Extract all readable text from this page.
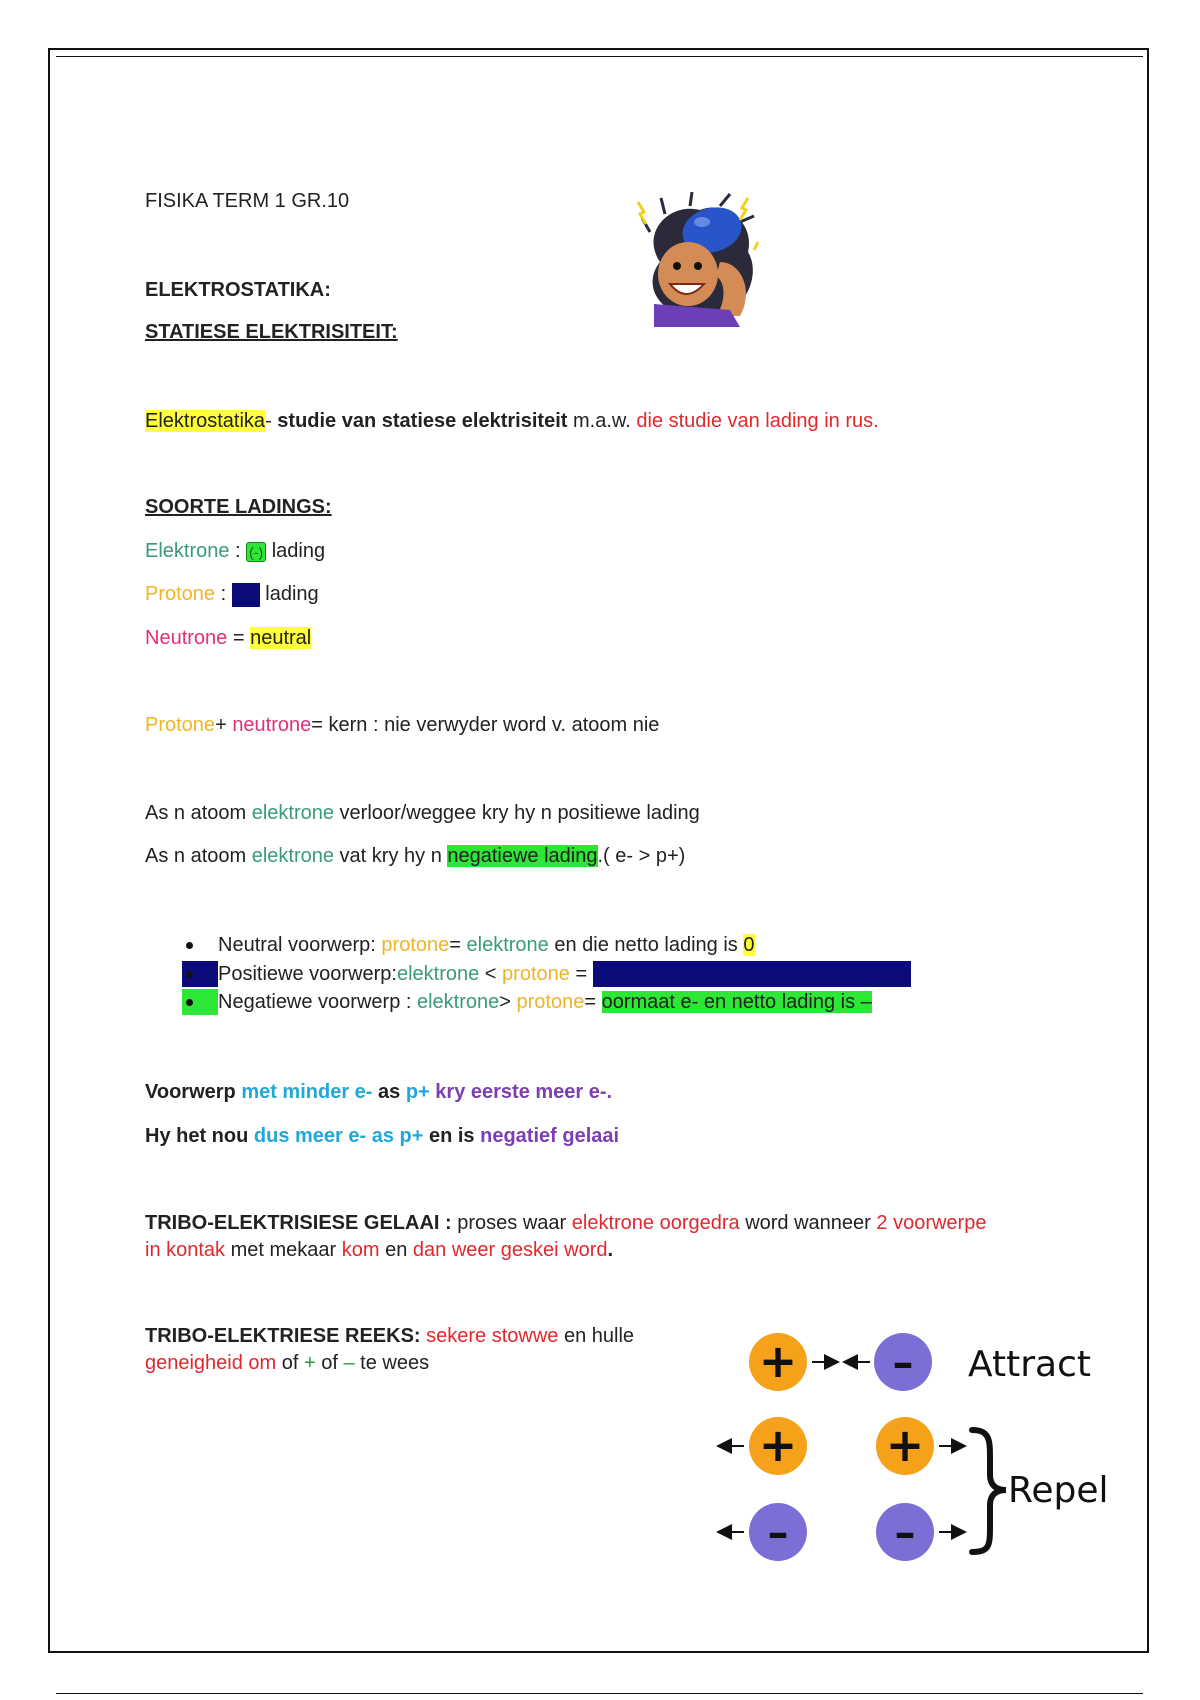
FISIKA TERM 1 GR.10
ELEKTROSTATIKA:
STATIESE ELEKTRISITEIT:
Elektrostatika- studie van statiese elektrisiteit m.a.w. die studie van lading in rus.
SOORTE LADINGS:
Elektrone : (-) lading
Protone :  lading
Neutrone = neutral
Protone+ neutrone= kern : nie verwyder word v. atoom nie
As n atoom elektrone verloor/weggee kry hy n positiewe lading
As n atoom elektrone vat kry hy n negatiewe lading.( e- > p+)
Neutral voorwerp: protone= elektrone en die netto lading is 0
Positiewe voorwerp:elektrone < protone =
Negatiewe voorwerp : elektrone> protone= oormaat e- en netto lading is –
Voorwerp met minder e- as p+ kry eerste meer e-.
Hy het nou dus meer e- as p+ en is negatief gelaai
TRIBO-ELEKTRISIESE GELAAI : proses waar elektrone oorgedra word wanneer 2 voorwerpe in kontak met mekaar kom en dan weer geskei word.
TRIBO-ELEKTRIESE REEKS: sekere stowwe en hulle
geneigheid om of + of – te wees	+ – Attract
+ +
–	–
Repel
